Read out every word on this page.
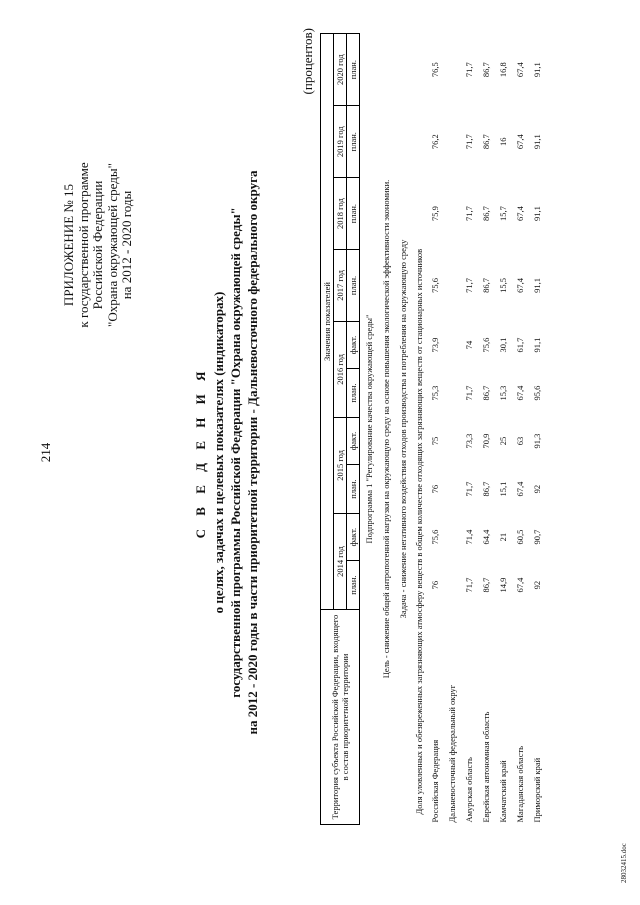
214
ПРИЛОЖЕНИЕ № 15 к государственной программе Российской Федерации "Охрана окружающей среды" на 2012 - 2020 годы
С В Е Д Е Н И Я о целях, задачах и целевых показателях (индикаторах) государственной программы Российской Федерации "Охрана окружающей среды" на 2012 - 2020 годы в части приоритетной территории - Дальневосточного федерального округа
(процентов)
Территория субъекта Российской Федерации, входящего в состав приоритетной территории	Значения показателей									
	2014 год		2015 год		2016 год		2017 год	2018 год	2019 год	2020 год
	план.	факт.	план.	факт.	план.	факт.	план.	план.	план.	план.
Подпрограмма 1 "Регулирование качества окружающей среды"										
Цель - снижение общей антропогенной нагрузки на окружающую среду на основе повышения экологической эффективности экономики.										
Задача - снижение негативного воздействия отходов производства и потребления на окружающую среду										
Доля уловленных и обезвреженных загрязняющих атмосферу веществ в общем количестве отходящих загрязняющих веществ от стационарных источников										
Российская Федерация	76	75,6	76	75	75,3	73,9	75,6	75,9	76,2	76,5
Дальневосточный федеральный округ										
Амурская область	71,7	71,4	71,7	73,3	71,7	74	71,7	71,7	71,7	71,7
Еврейская автономная область	86,7	64,4	86,7	70,9	86,7	75,6	86,7	86,7	86,7	86,7
Камчатский край	14,9	21	15,1	25	15,3	30,1	15,5	15,7	16	16,8
Магаданская область	67,4	60,5	67,4	63	67,4	61,7	67,4	67,4	67,4	67,4
Приморский край	92	90,7	92	91,3	95,6	91,1	91,1	91,1	91,1	91,1
28032415.doc
